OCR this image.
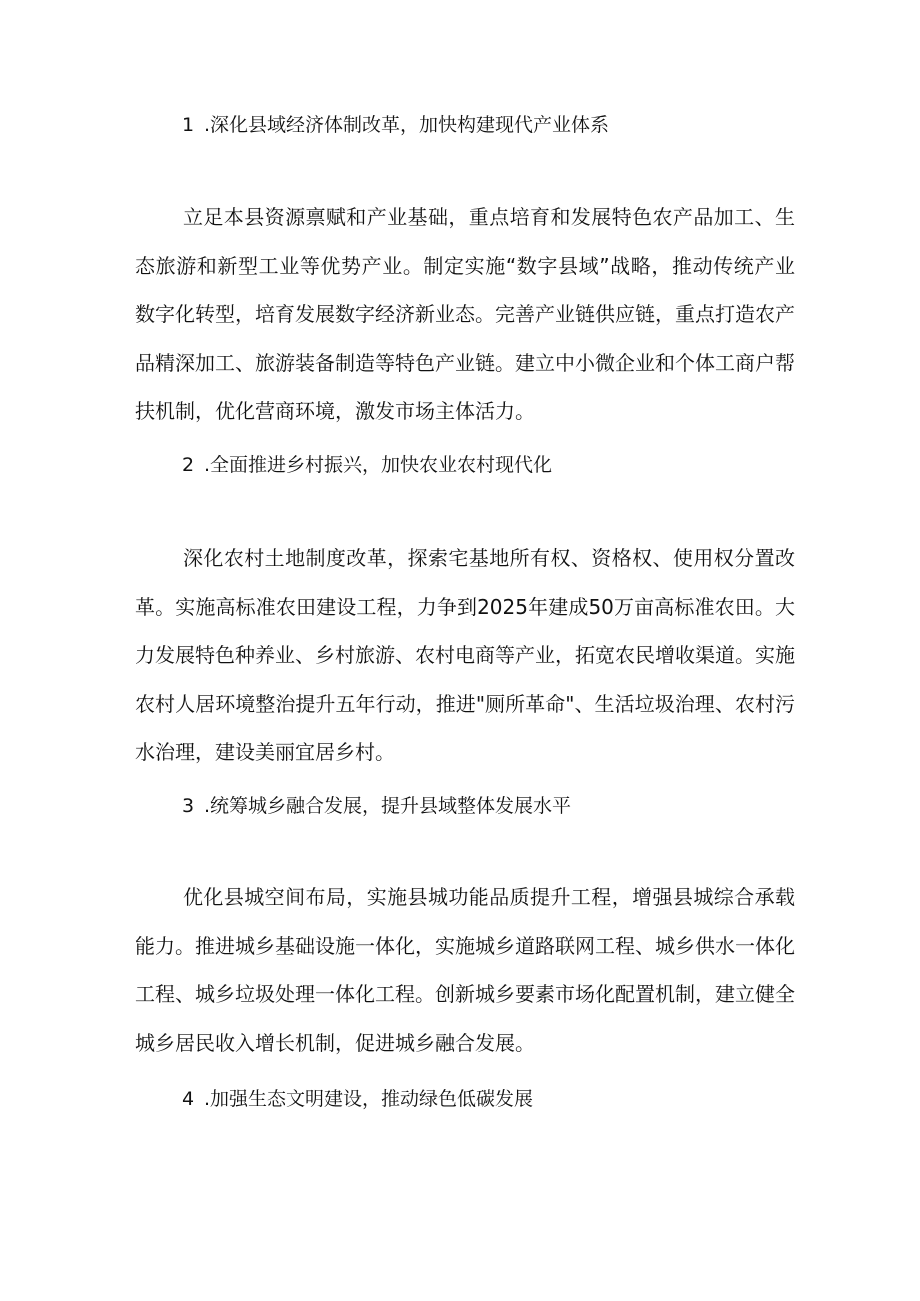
1 .深化县域经济体制改革，加快构建现代产业体系
立足本县资源禀赋和产业基础，重点培育和发展特色农产品加工、生态旅游和新型工业等优势产业。制定实施“数字县域”战略，推动传统产业数字化转型，培育发展数字经济新业态。完善产业链供应链，重点打造农产品精深加工、旅游装备制造等特色产业链。建立中小微企业和个体工商户帮扶机制，优化营商环境，激发市场主体活力。
2 .全面推进乡村振兴，加快农业农村现代化
深化农村土地制度改革，探索宅基地所有权、资格权、使用权分置改革。实施高标准农田建设工程，力争到2025年建成50万亩高标准农田。大力发展特色种养业、乡村旅游、农村电商等产业，拓宽农民增收渠道。实施农村人居环境整治提升五年行动，推进"厕所革命"、生活垃圾治理、农村污水治理，建设美丽宜居乡村。
3 .统筹城乡融合发展，提升县域整体发展水平
优化县城空间布局，实施县城功能品质提升工程，增强县城综合承载能力。推进城乡基础设施一体化，实施城乡道路联网工程、城乡供水一体化工程、城乡垃圾处理一体化工程。创新城乡要素市场化配置机制，建立健全城乡居民收入增长机制，促进城乡融合发展。
4 .加强生态文明建设，推动绿色低碳发展
